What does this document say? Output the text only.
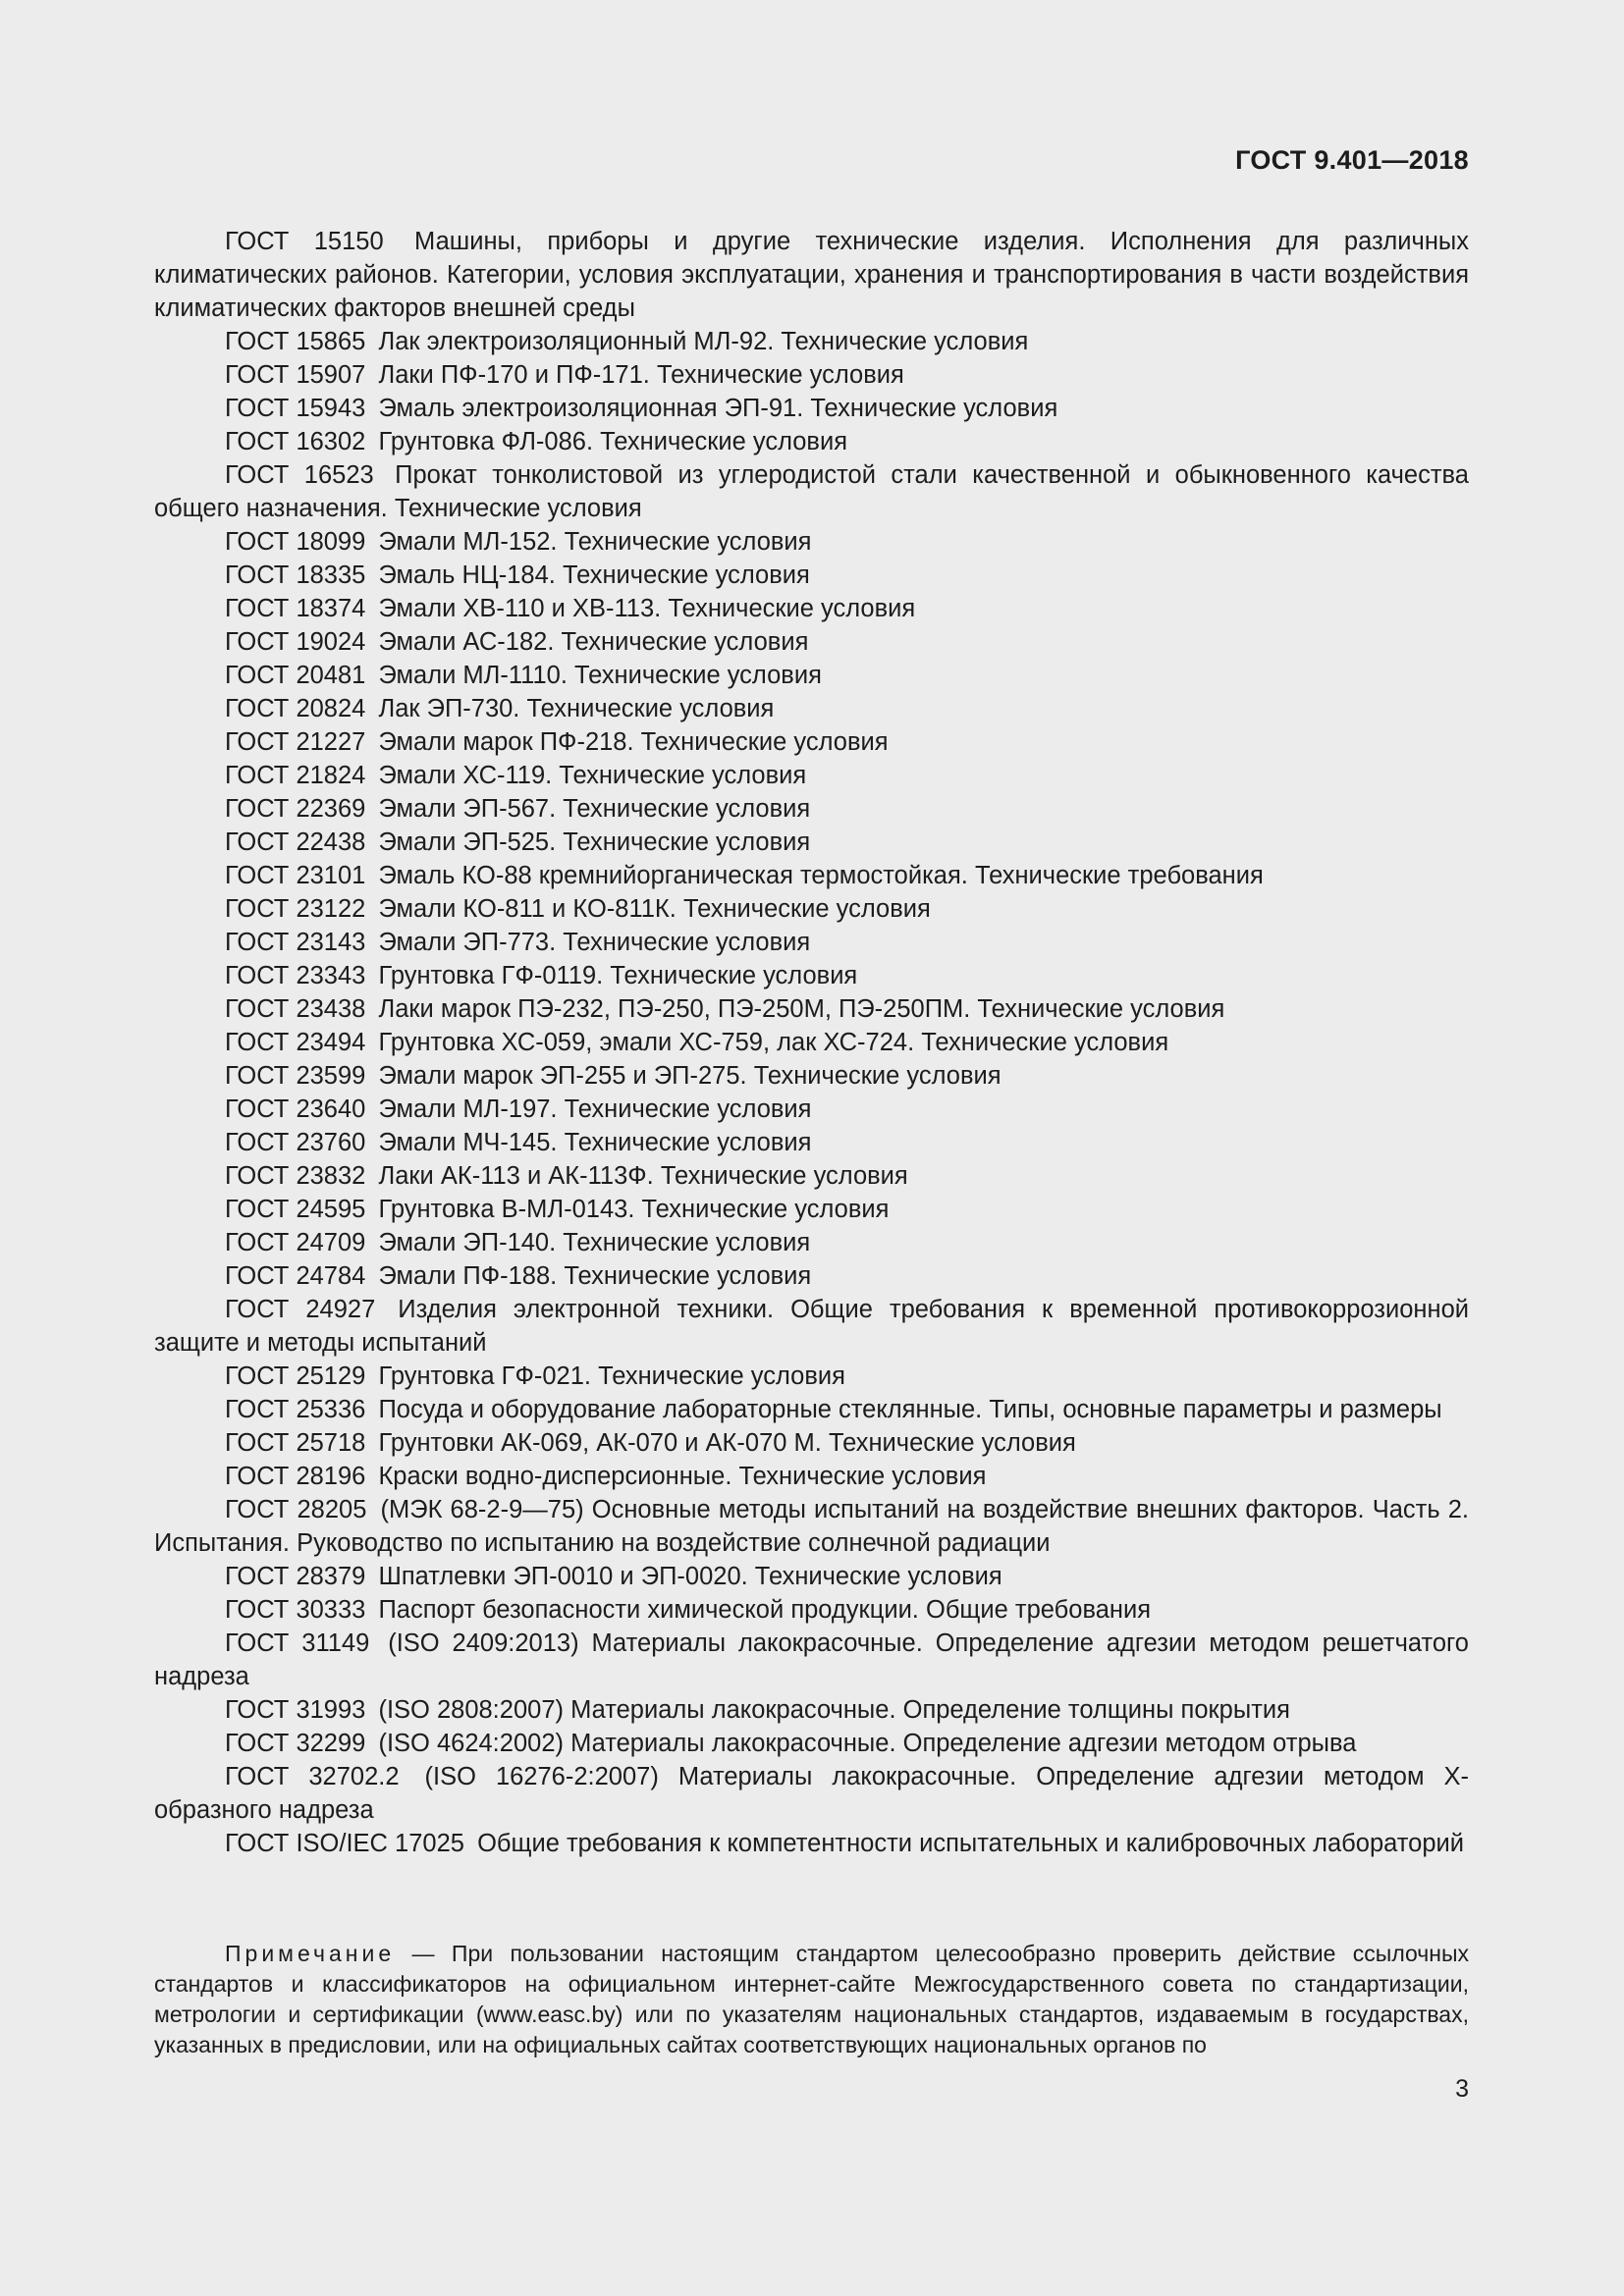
ГОСТ 9.401—2018

ГОСТ 15150 Машины, приборы и другие технические изделия. Исполнения для различных климатических районов. Категории, условия эксплуатации, хранения и транспортирования в части воздействия климатических факторов внешней среды

ГОСТ 15865 Лак электроизоляционный МЛ-92. Технические условия

ГОСТ 15907 Лаки ПФ-170 и ПФ-171. Технические условия

ГОСТ 15943 Эмаль электроизоляционная ЭП-91. Технические условия

ГОСТ 16302 Грунтовка ФЛ-086. Технические условия

ГОСТ 16523 Прокат тонколистовой из углеродистой стали качественной и обыкновенного качества общего назначения. Технические условия

ГОСТ 18099 Эмали МЛ-152. Технические условия

ГОСТ 18335 Эмаль НЦ-184. Технические условия

ГОСТ 18374 Эмали ХВ-110 и ХВ-113. Технические условия

ГОСТ 19024 Эмали АС-182. Технические условия

ГОСТ 20481 Эмали МЛ-1110. Технические условия

ГОСТ 20824 Лак ЭП-730. Технические условия

ГОСТ 21227 Эмали марок ПФ-218. Технические условия

ГОСТ 21824 Эмали ХС-119. Технические условия

ГОСТ 22369 Эмали ЭП-567. Технические условия

ГОСТ 22438 Эмали ЭП-525. Технические условия

ГОСТ 23101 Эмаль КО-88 кремнийорганическая термостойкая. Технические требования

ГОСТ 23122 Эмали КО-811 и КО-811К. Технические условия

ГОСТ 23143 Эмали ЭП-773. Технические условия

ГОСТ 23343 Грунтовка ГФ-0119. Технические условия

ГОСТ 23438 Лаки марок ПЭ-232, ПЭ-250, ПЭ-250М, ПЭ-250ПМ. Технические условия

ГОСТ 23494 Грунтовка ХС-059, эмали ХС-759, лак ХС-724. Технические условия

ГОСТ 23599 Эмали марок ЭП-255 и ЭП-275. Технические условия

ГОСТ 23640 Эмали МЛ-197. Технические условия

ГОСТ 23760 Эмали МЧ-145. Технические условия

ГОСТ 23832 Лаки АК-113 и АК-113Ф. Технические условия

ГОСТ 24595 Грунтовка В-МЛ-0143. Технические условия

ГОСТ 24709 Эмали ЭП-140. Технические условия

ГОСТ 24784 Эмали ПФ-188. Технические условия

ГОСТ 24927 Изделия электронной техники. Общие требования к временной противокоррозионной защите и методы испытаний

ГОСТ 25129 Грунтовка ГФ-021. Технические условия

ГОСТ 25336 Посуда и оборудование лабораторные стеклянные. Типы, основные параметры и размеры

ГОСТ 25718 Грунтовки АК-069, АК-070 и АК-070 М. Технические условия

ГОСТ 28196 Краски водно-дисперсионные. Технические условия

ГОСТ 28205 (МЭК 68-2-9—75) Основные методы испытаний на воздействие внешних факторов. Часть 2. Испытания. Руководство по испытанию на воздействие солнечной радиации

ГОСТ 28379 Шпатлевки ЭП-0010 и ЭП-0020. Технические условия

ГОСТ 30333 Паспорт безопасности химической продукции. Общие требования

ГОСТ 31149 (ISO 2409:2013) Материалы лакокрасочные. Определение адгезии методом решетчатого надреза

ГОСТ 31993 (ISO 2808:2007) Материалы лакокрасочные. Определение толщины покрытия

ГОСТ 32299 (ISO 4624:2002) Материалы лакокрасочные. Определение адгезии методом отрыва

ГОСТ 32702.2 (ISO 16276-2:2007) Материалы лакокрасочные. Определение адгезии методом Х-образного надреза

ГОСТ ISO/IEC 17025 Общие требования к компетентности испытательных и калибровочных лабораторий

Примечание — При пользовании настоящим стандартом целесообразно проверить действие ссылочных стандартов и классификаторов на официальном интернет-сайте Межгосударственного совета по стандартизации, метрологии и сертификации (www.easc.by) или по указателям национальных стандартов, издаваемым в государствах, указанных в предисловии, или на официальных сайтах соответствующих национальных органов по

3
